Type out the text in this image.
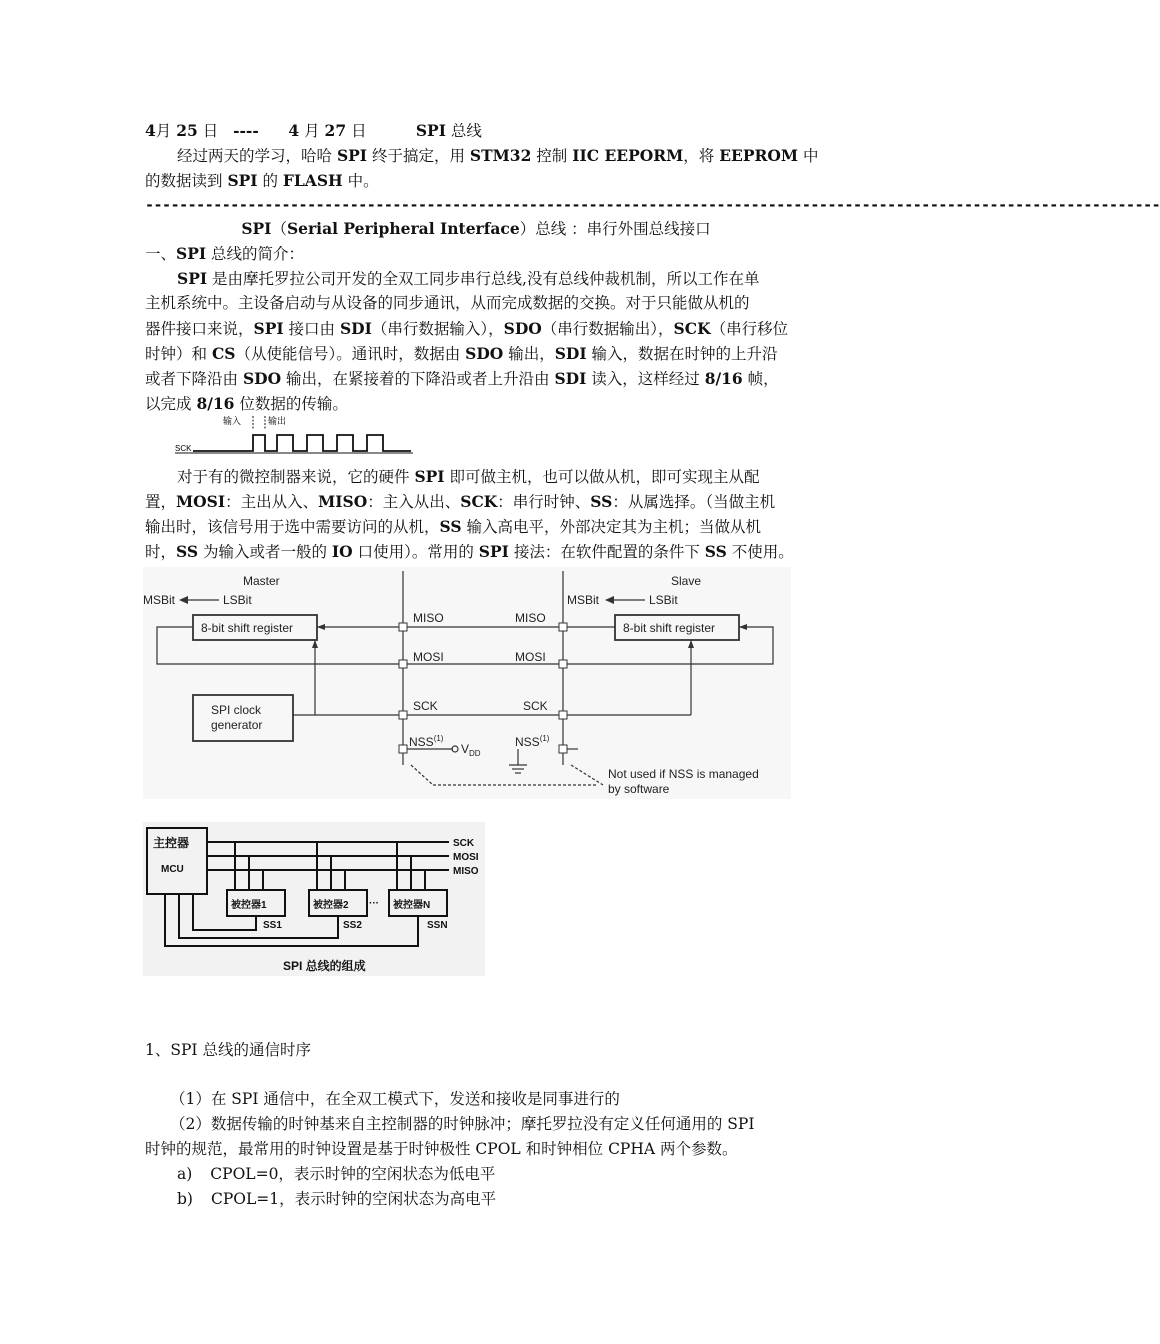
4月 25 日 ---- 4 月 27 日	SPI 总线
经过两天的学习，哈哈 SPI 终于搞定，用 STM32 控制 IIC EEPORM，将 EEPROM 中
的数据读到 SPI 的 FLASH 中。
-----------------------------------------------------------------------------------------------------------------------
SPI（Serial Peripheral Interface）总线 ：串行外围总线接口
一、SPI 总线的简介：
SPI 是由摩托罗拉公司开发的全双工同步串行总线,没有总线仲裁机制，所以工作在单
主机系统中。主设备启动与从设备的同步通讯，从而完成数据的交换。对于只能做从机的
器件接口来说，SPI 接口由 SDI（串行数据输入），SDO（串行数据输出），SCK（串行移位
时钟）和 CS（从使能信号）。通讯时，数据由 SDO 输出，SDI 输入，数据在时钟的上升沿
或者下降沿由 SDO 输出，在紧接着的下降沿或者上升沿由 SDI 读入，这样经过 8/16 帧，
以完成 8/16 位数据的传输。
输入	输出
SCK
对于有的微控制器来说，它的硬件 SPI 即可做主机，也可以做从机，即可实现主从配
置，MOSI：主出从入、MISO：主入从出、SCK：串行时钟、SS：从属选择。（当做主机
输出时，该信号用于选中需要访问的从机，SS 输入高电平，外部决定其为主机；当做从机
时，SS 为输入或者一般的 IO 口使用）。常用的 SPI 接法：在软件配置的条件下 SS 不使用。
Master	Slave
MSBit	LSBit	MSBit	LSBit
8-bit shift register	8-bit shift register
SPI clock
generator
MISO	MISO
MOSI	MOSI
SCK	SCK
NSS$^{(1)}$	NSS$^{(1)}$
$V_{DD}$
Not used if NSS is managed
by software
主控器
MCU
SCK
MOSI
MISO
被控器1	被控器2 ··· 被控器N
SS1	SS2	SSN
SPI 总线的组成
1、SPI 总线的通信时序
（1）在 SPI 通信中，在全双工模式下，发送和接收是同事进行的
（2）数据传输的时钟基来自主控制器的时钟脉冲；摩托罗拉没有定义任何通用的 SPI
时钟的规范，最常用的时钟设置是基于时钟极性 CPOL 和时钟相位 CPHA 两个参数。
a) CPOL=0，表示时钟的空闲状态为低电平
b) CPOL=1，表示时钟的空闲状态为高电平
